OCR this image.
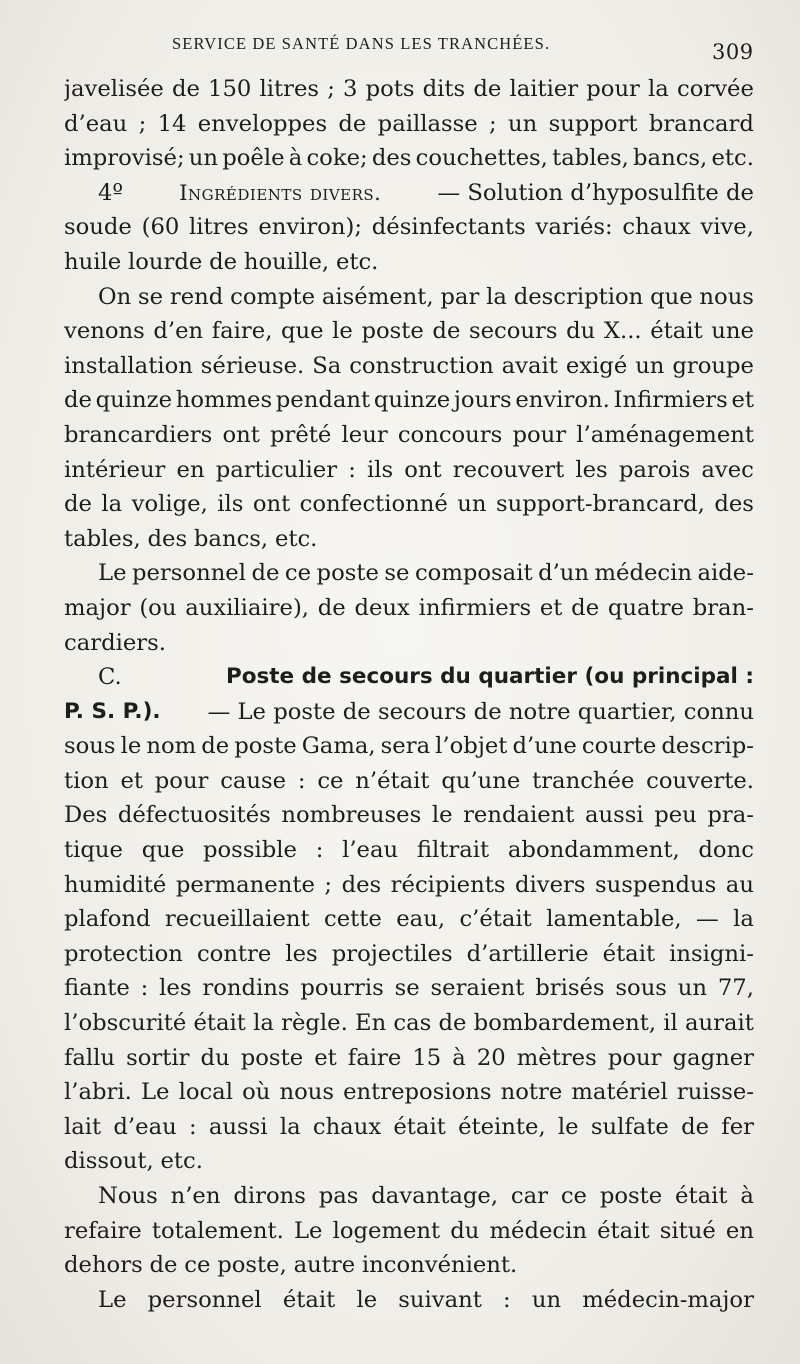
SERVICE DE SANTÉ DANS LES TRANCHÉES.	309
javelisée de 150 litres ; 3 pots dits de laitier pour la corvée
d’eau ; 14 enveloppes de paillasse ; un support brancard
improvisé; un poêle à coke; des couchettes, tables, bancs, etc.
4º	Ingrédients divers. — Solution d’hyposulfite de
soude (60 litres environ); désinfectants variés: chaux vive,
huile lourde de houille, etc.
On se rend compte aisément, par la description que nous
venons d’en faire, que le poste de secours du X... était une
installation sérieuse. Sa construction avait exigé un groupe
de quinze hommes pendant quinze jours environ. Infirmiers et
brancardiers ont prêté leur concours pour l’aménagement
intérieur en particulier : ils ont recouvert les parois avec
de la volige, ils ont confectionné un support-brancard, des
tables, des bancs, etc.
Le personnel de ce poste se composait d’un médecin aide-
major (ou auxiliaire), de deux infirmiers et de quatre bran-
cardiers.
C.	Poste de secours du quartier (ou principal :
P. S. P.). — Le poste de secours de notre quartier, connu
sous le nom de poste Gama, sera l’objet d’une courte descrip-
tion et pour cause : ce n’était qu’une tranchée couverte.
Des défectuosités nombreuses le rendaient aussi peu pra-
tique que possible : l’eau filtrait abondamment, donc
humidité permanente ; des récipients divers suspendus au
plafond recueillaient cette eau, c’était lamentable, — la
protection contre les projectiles d’artillerie était insigni-
fiante : les rondins pourris se seraient brisés sous un 77,
l’obscurité était la règle. En cas de bombardement, il aurait
fallu sortir du poste et faire 15 à 20 mètres pour gagner
l’abri. Le local où nous entreposions notre matériel ruisse-
lait d’eau : aussi la chaux était éteinte, le sulfate de fer
dissout, etc.
Nous n’en dirons pas davantage, car ce poste était à
refaire totalement. Le logement du médecin était situé en
dehors de ce poste, autre inconvénient.
Le personnel était le suivant : un médecin-major
